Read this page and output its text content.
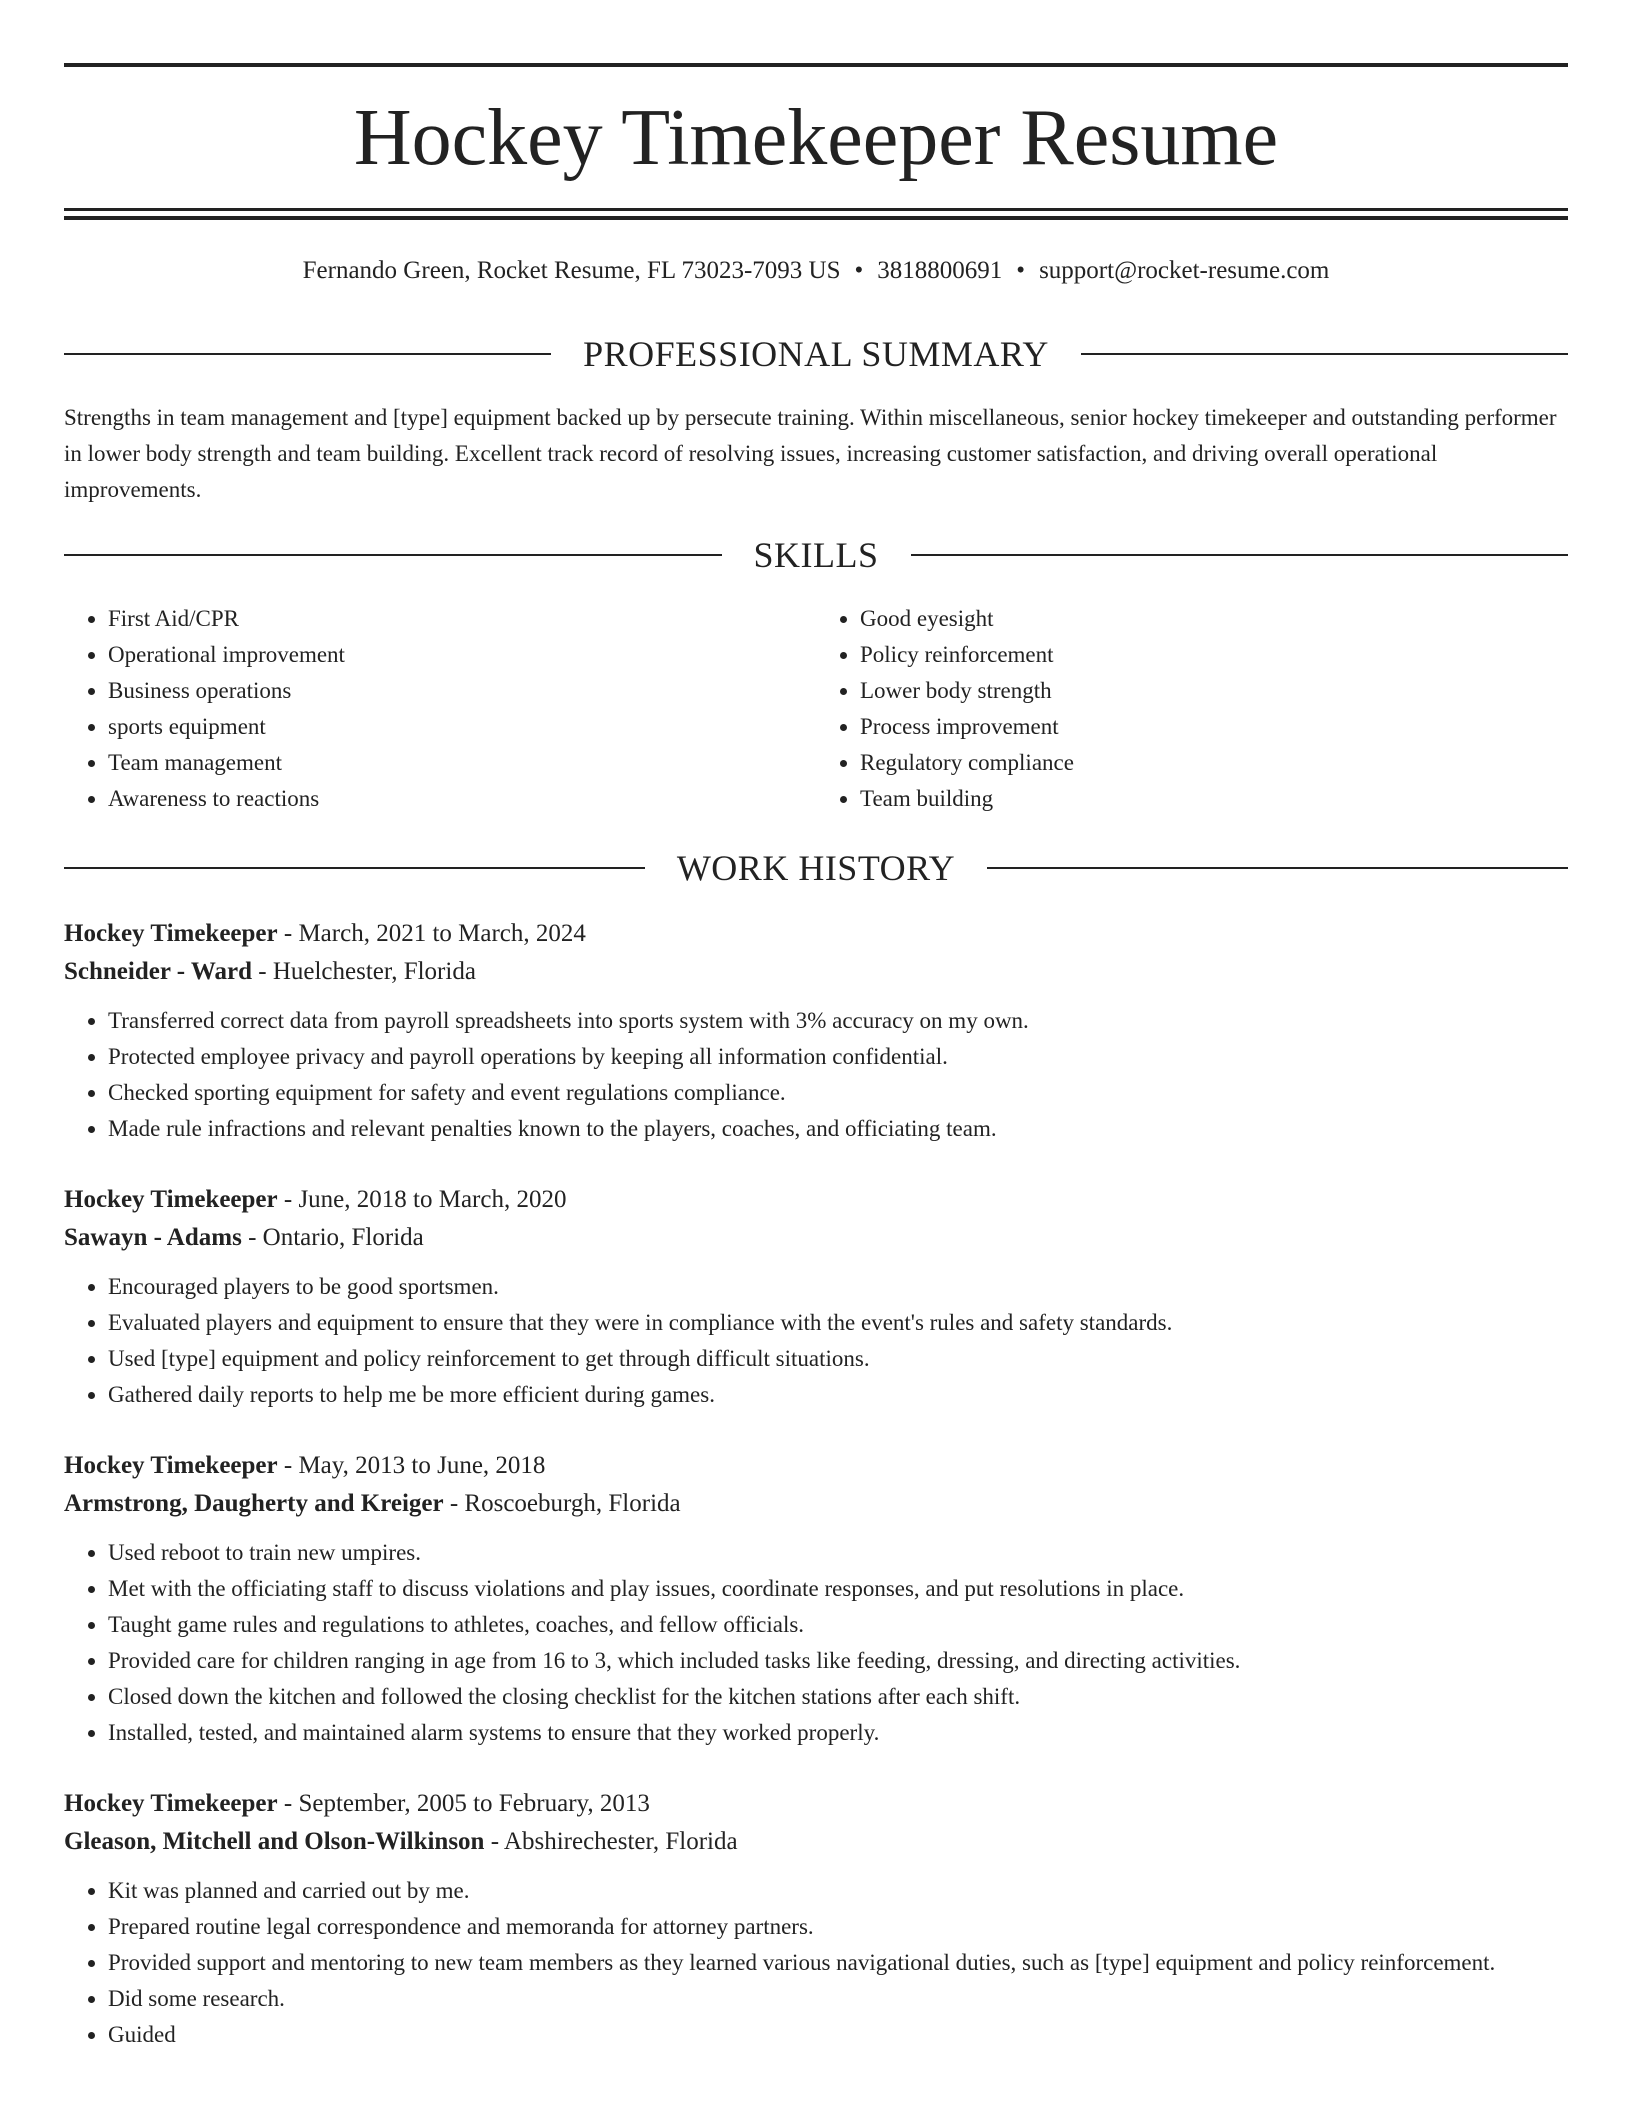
Hockey Timekeeper Resume
Fernando Green, Rocket Resume, FL 73023-7093 US • 3818800691 • support@rocket-resume.com
PROFESSIONAL SUMMARY

Strengths in team management and [type] equipment backed up by persecute training. Within miscellaneous, senior hockey timekeeper and outstanding performer in lower body strength and team building. Excellent track record of resolving issues, increasing customer satisfaction, and driving overall operational improvements.

SKILLS
• First Aid/CPR
• Operational improvement
• Business operations
• sports equipment
• Team management
• Awareness to reactions
• Good eyesight
• Policy reinforcement
• Lower body strength
• Process improvement
• Regulatory compliance
• Team building
WORK HISTORY

Hockey Timekeeper - March, 2021 to March, 2024

Schneider - Ward - Huelchester, Florida

• Transferred correct data from payroll spreadsheets into sports system with 3% accuracy on my own.
• Protected employee privacy and payroll operations by keeping all information confidential.
• Checked sporting equipment for safety and event regulations compliance.
• Made rule infractions and relevant penalties known to the players, coaches, and officiating team.

Hockey Timekeeper - June, 2018 to March, 2020

Sawayn - Adams - Ontario, Florida

• Encouraged players to be good sportsmen.
• Evaluated players and equipment to ensure that they were in compliance with the event's rules and safety standards.
• Used [type] equipment and policy reinforcement to get through difficult situations.
• Gathered daily reports to help me be more efficient during games.

Hockey Timekeeper - May, 2013 to June, 2018

Armstrong, Daugherty and Kreiger - Roscoeburgh, Florida

• Used reboot to train new umpires.
• Met with the officiating staff to discuss violations and play issues, coordinate responses, and put resolutions in place.
• Taught game rules and regulations to athletes, coaches, and fellow officials.
• Provided care for children ranging in age from 16 to 3, which included tasks like feeding, dressing, and directing activities.
• Closed down the kitchen and followed the closing checklist for the kitchen stations after each shift.
• Installed, tested, and maintained alarm systems to ensure that they worked properly.

Hockey Timekeeper - September, 2005 to February, 2013

Gleason, Mitchell and Olson-Wilkinson - Abshirechester, Florida

• Kit was planned and carried out by me.
• Prepared routine legal correspondence and memoranda for attorney partners.
• Provided support and mentoring to new team members as they learned various navigational duties, such as [type] equipment and policy reinforcement.
• Did some research.
• Guided
